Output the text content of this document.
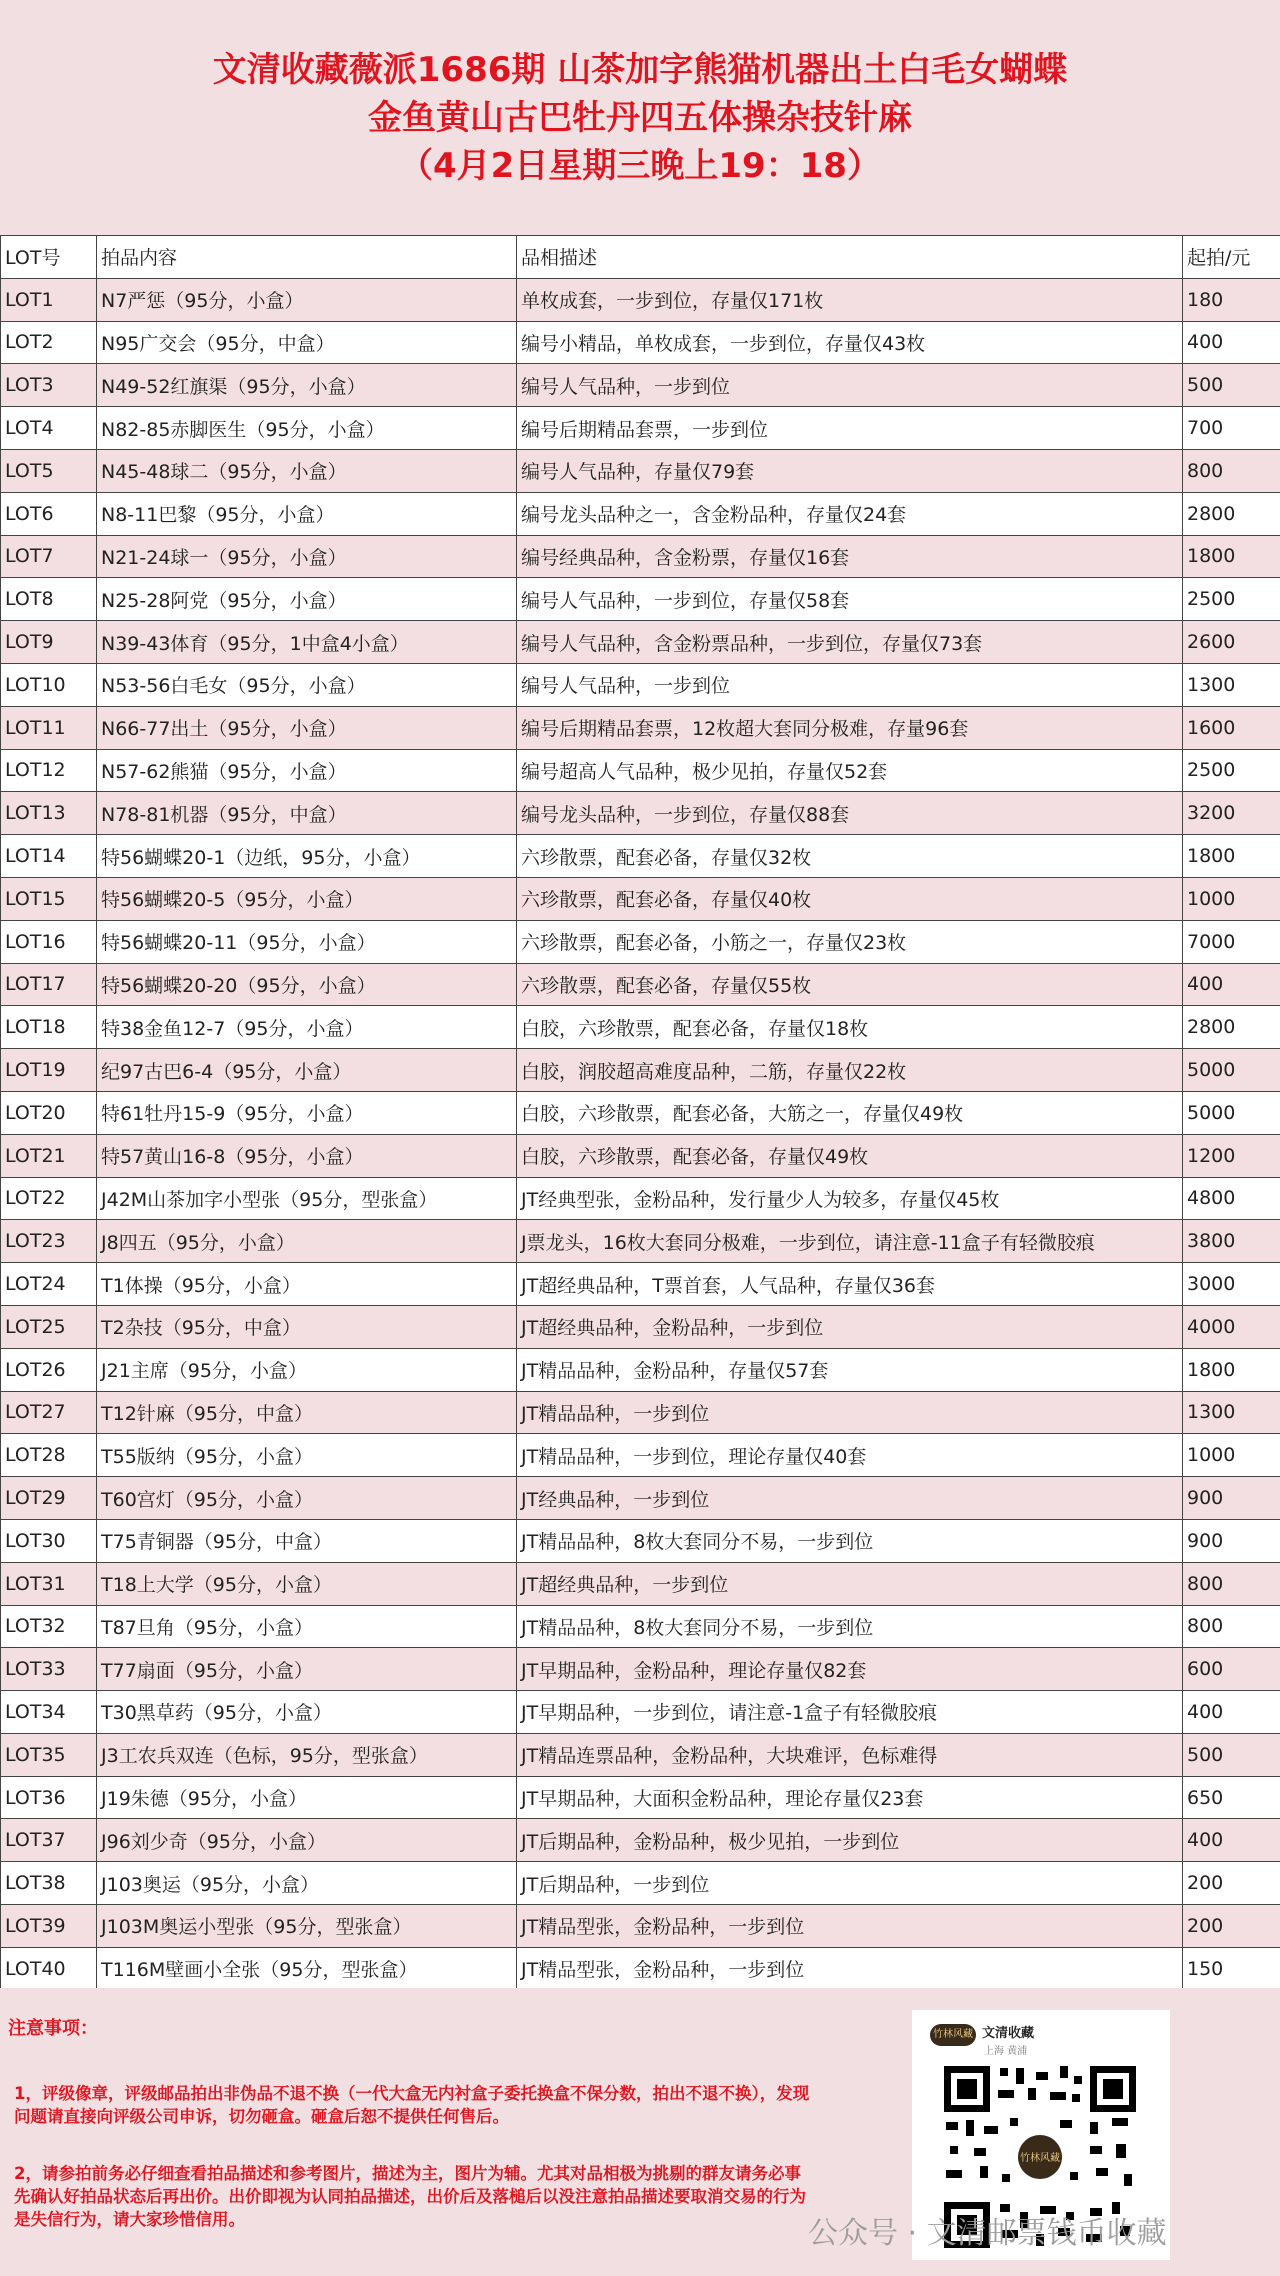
文清收藏薇派1686期 山茶加字熊猫机器出土白毛女蝴蝶
金鱼黄山古巴牡丹四五体操杂技针麻
（4月2日星期三晚上19：18）
LOT号	拍品内容	品相描述	起拍/元
LOT1	N7严惩（95分，小盒）	单枚成套，一步到位，存量仅171枚	180
LOT2	N95广交会（95分，中盒）	编号小精品，单枚成套，一步到位，存量仅43枚	400
LOT3	N49-52红旗渠（95分，小盒）	编号人气品种，一步到位	500
LOT4	N82-85赤脚医生（95分，小盒）	编号后期精品套票，一步到位	700
LOT5	N45-48球二（95分，小盒）	编号人气品种，存量仅79套	800
LOT6	N8-11巴黎（95分，小盒）	编号龙头品种之一，含金粉品种，存量仅24套	2800
LOT7	N21-24球一（95分，小盒）	编号经典品种，含金粉票，存量仅16套	1800
LOT8	N25-28阿党（95分，小盒）	编号人气品种，一步到位，存量仅58套	2500
LOT9	N39-43体育（95分，1中盒4小盒）	编号人气品种，含金粉票品种，一步到位，存量仅73套	2600
LOT10	N53-56白毛女（95分，小盒）	编号人气品种，一步到位	1300
LOT11	N66-77出土（95分，小盒）	编号后期精品套票，12枚超大套同分极难，存量96套	1600
LOT12	N57-62熊猫（95分，小盒）	编号超高人气品种，极少见拍，存量仅52套	2500
LOT13	N78-81机器（95分，中盒）	编号龙头品种，一步到位，存量仅88套	3200
LOT14	特56蝴蝶20-1（边纸，95分，小盒）	六珍散票，配套必备，存量仅32枚	1800
LOT15	特56蝴蝶20-5（95分，小盒）	六珍散票，配套必备，存量仅40枚	1000
LOT16	特56蝴蝶20-11（95分，小盒）	六珍散票，配套必备，小筋之一，存量仅23枚	7000
LOT17	特56蝴蝶20-20（95分，小盒）	六珍散票，配套必备，存量仅55枚	400
LOT18	特38金鱼12-7（95分，小盒）	白胶，六珍散票，配套必备，存量仅18枚	2800
LOT19	纪97古巴6-4（95分，小盒）	白胶，润胶超高难度品种，二筋，存量仅22枚	5000
LOT20	特61牡丹15-9（95分，小盒）	白胶，六珍散票，配套必备，大筋之一，存量仅49枚	5000
LOT21	特57黄山16-8（95分，小盒）	白胶，六珍散票，配套必备，存量仅49枚	1200
LOT22	J42M山茶加字小型张（95分，型张盒）	JT经典型张，金粉品种，发行量少人为较多，存量仅45枚	4800
LOT23	J8四五（95分，小盒）	J票龙头，16枚大套同分极难，一步到位，请注意-11盒子有轻微胶痕	3800
LOT24	T1体操（95分，小盒）	JT超经典品种，T票首套，人气品种，存量仅36套	3000
LOT25	T2杂技（95分，中盒）	JT超经典品种，金粉品种，一步到位	4000
LOT26	J21主席（95分，小盒）	JT精品品种，金粉品种，存量仅57套	1800
LOT27	T12针麻（95分，中盒）	JT精品品种，一步到位	1300
LOT28	T55版纳（95分，小盒）	JT精品品种，一步到位，理论存量仅40套	1000
LOT29	T60宫灯（95分，小盒）	JT经典品种，一步到位	900
LOT30	T75青铜器（95分，中盒）	JT精品品种，8枚大套同分不易，一步到位	900
LOT31	T18上大学（95分，小盒）	JT超经典品种，一步到位	800
LOT32	T87旦角（95分，小盒）	JT精品品种，8枚大套同分不易，一步到位	800
LOT33	T77扇面（95分，小盒）	JT早期品种，金粉品种，理论存量仅82套	600
LOT34	T30黑草药（95分，小盒）	JT早期品种，一步到位，请注意-1盒子有轻微胶痕	400
LOT35	J3工农兵双连（色标，95分，型张盒）	JT精品连票品种，金粉品种，大块难评，色标难得	500
LOT36	J19朱德（95分，小盒）	JT早期品种，大面积金粉品种，理论存量仅23套	650
LOT37	J96刘少奇（95分，小盒）	JT后期品种，金粉品种，极少见拍，一步到位	400
LOT38	J103奥运（95分，小盒）	JT后期品种，一步到位	200
LOT39	J103M奥运小型张（95分，型张盒）	JT精品型张，金粉品种，一步到位	200
LOT40	T116M壁画小全张（95分，型张盒）	JT精品型张，金粉品种，一步到位	150
注意事项：
1，评级像章，评级邮品拍出非伪品不退不换（一代大盒无内衬盒子委托换盒不保分数，拍出不退不换），发现问题请直接向评级公司申诉，切勿砸盒。砸盒后恕不提供任何售后。
2，请参拍前务必仔细查看拍品描述和参考图片，描述为主，图片为辅。尤其对品相极为挑剔的群友请务必事先确认好拍品状态后再出价。出价即视为认同拍品描述，出价后及落槌后以没注意拍品描述要取消交易的行为是失信行为，请大家珍惜信用。
竹林风藏 文清收藏
上海 黄浦
竹林风藏
公众号 · 文清邮票钱币收藏
